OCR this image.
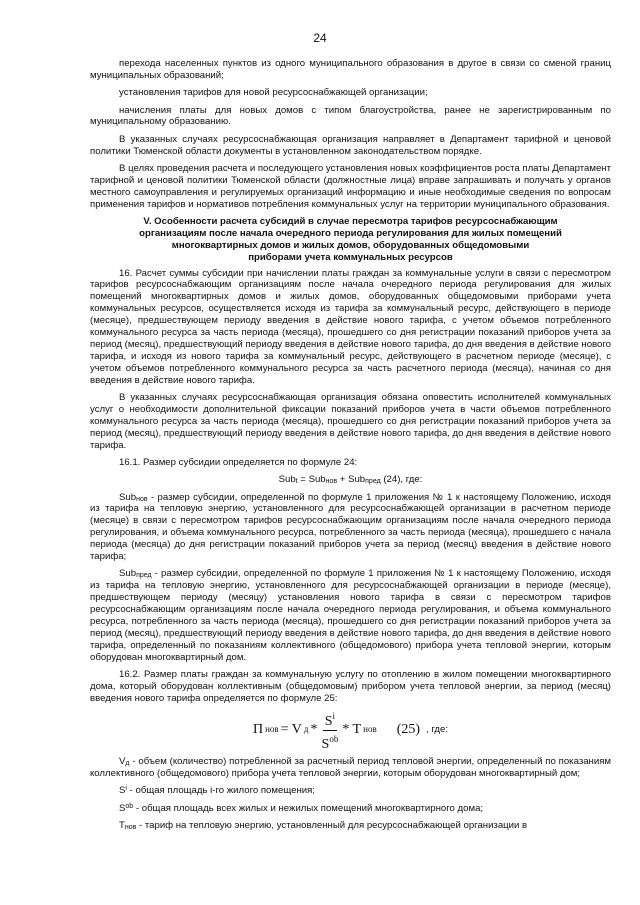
24

перехода населенных пунктов из одного муниципального образования в другое в связи со сменой границ муниципальных образований;

установления тарифов для новой ресурсоснабжающей организации;

начисления платы для новых домов с типом благоустройства, ранее не зарегистрированным по муниципальному образованию.

В указанных случаях ресурсоснабжающая организация направляет в Департамент тарифной и ценовой политики Тюменской области документы в установленном законодательством порядке.

В целях проведения расчета и последующего установления новых коэффициентов роста платы Департамент тарифной и ценовой политики Тюменской области (должностные лица) вправе запрашивать и получать у органов местного самоуправления и регулируемых организаций информацию и иные необходимые сведения по вопросам применения тарифов и нормативов потребления коммунальных услуг на территории муниципального образования.

V. Особенности расчета субсидий в случае пересмотра тарифов ресурсоснабжающим
организациям после начала очередного периода регулирования для жилых помещений
многоквартирных домов и жилых домов, оборудованных общедомовыми
приборами учета коммунальных ресурсов

16. Расчет суммы субсидии при начислении платы граждан за коммунальные услуги в связи с пересмотром тарифов ресурсоснабжающим организациям после начала очередного периода регулирования для жилых помещений многоквартирных домов и жилых домов, оборудованных общедомовыми приборами учета коммунальных ресурсов, осуществляется исходя из тарифа за коммунальный ресурс, действующего в периоде (месяце), предшествующем периоду введения в действие нового тарифа, с учетом объемов потребленного коммунального ресурса за часть периода (месяца), прошедшего со дня регистрации показаний приборов учета за период (месяц), предшествующий периоду введения в действие нового тарифа, до дня введения в действие нового тарифа, и исходя из нового тарифа за коммунальный ресурс, действующего в расчетном периоде (месяце), с учетом объемов потребленного коммунального ресурса за часть расчетного периода (месяца), начиная со дня введения в действие нового тарифа.

В указанных случаях ресурсоснабжающая организация обязана оповестить исполнителей коммунальных услуг о необходимости дополнительной фиксации показаний приборов учета в части объемов потребленного коммунального ресурса за часть периода (месяца), прошедшего со дня регистрации показаний приборов учета за период (месяц), предшествующий периоду введения в действие нового тарифа, до дня введения в действие нового тарифа.

16.1. Размер субсидии определяется по формуле 24:

Sub$_t$ = Sub$_{нов}$ + Sub$_{пред}$ (24), где:

Sub$_{нов}$ - размер субсидии, определенной по формуле 1 приложения № 1 к настоящему Положению, исходя из тарифа на тепловую энергию, установленного для ресурсоснабжающей организации в расчетном периоде (месяце) в связи с пересмотром тарифов ресурсоснабжающим организациям после начала очередного периода регулирования, и объема коммунального ресурса, потребленного за часть периода (месяца), прошедшего с начала периода (месяца) до дня регистрации показаний приборов учета за период (месяц) введения в действие нового тарифа;

Sub$_{пред}$ - размер субсидии, определенной по формуле 1 приложения № 1 к настоящему Положению, исходя из тарифа на тепловую энергию, установленного для ресурсоснабжающей организации в периоде (месяце), предшествующем периоду (месяцу) установления нового тарифа в связи с пересмотром тарифов ресурсоснабжающим организациям после начала очередного периода регулирования, и объема коммунального ресурса, потребленного за часть периода (месяца), прошедшего со дня регистрации показаний приборов учета за период (месяц), предшествующий периоду введения в действие нового тарифа, до дня введения в действие нового тарифа, определенный по показаниям коллективного (общедомового) прибора учета тепловой энергии, которым оборудован многоквартирный дом.

16.2. Размер платы граждан за коммунальную услугу по отоплению в жилом помещении многоквартирного дома, который оборудован коллективным (общедомовым) прибором учета тепловой энергии, за период (месяц) введения нового тарифа определяется по формуле 25:

П нов = V д * $\frac{S^i}{S^{ob}}$ * T нов (25) , где:

$V_д$ - объем (количество) потребленной за расчетный период тепловой энергии, определенный по показаниям коллективного (общедомового) прибора учета тепловой энергии, которым оборудован многоквартирный дом;

$S^i$ - общая площадь i-го жилого помещения;

$S^{ob}$ - общая площадь всех жилых и нежилых помещений многоквартирного дома;

$T_{нов}$ - тариф на тепловую энергию, установленный для ресурсоснабжающей организации в
